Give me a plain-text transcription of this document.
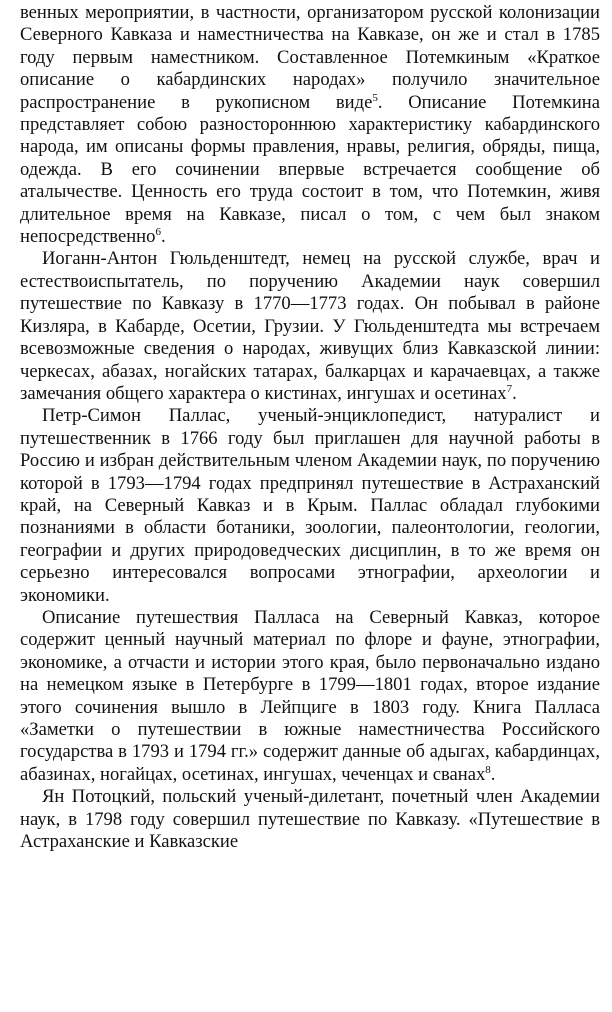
венных мероприятии, в частности, организатором русской колонизации Северного Кавказа и наместничества на Кавказе, он же и стал в 1785 году первым наместником. Составленное Потемкиным «Краткое описание о кабардинских народах» получило значительное распространение в рукописном виде$^5$. Описание Потемкина представляет собою разностороннюю характеристику кабардинского народа, им описаны формы правления, нравы, религия, обряды, пища, одежда. В его сочинении впервые встречается сообщение об аталычестве. Ценность его труда состоит в том, что Потемкин, живя длительное время на Кавказе, писал о том, с чем был знаком непосредственно$^6$.

Иоганн-Антон Гюльденштедт, немец на русской службе, врач и естествоиспытатель, по поручению Академии наук совершил путешествие по Кавказу в 1770—1773 годах. Он побывал в районе Кизляра, в Кабарде, Осетии, Грузии. У Гюльденштедта мы встречаем всевозможные сведения о народах, живущих близ Кавказской линии: черкесах, абазах, ногайских татарах, балкарцах и карачаевцах, а также замечания общего характера о кистинах, ингушах и осетинах$^7$.

Петр-Симон Паллас, ученый-энциклопедист, натуралист и путешественник в 1766 году был приглашен для научной работы в Россию и избран действительным членом Академии наук, по поручению которой в 1793—1794 годах предпринял путешествие в Астраханский край, на Северный Кавказ и в Крым. Паллас обладал глубокими познаниями в области ботаники, зоологии, палеонтологии, геологии, географии и других природоведческих дисциплин, в то же время он серьезно интересовался вопросами этнографии, археологии и экономики.

Описание путешествия Палласа на Северный Кавказ, которое содержит ценный научный материал по флоре и фауне, этнографии, экономике, а отчасти и истории этого края, было первоначально издано на немецком языке в Петербурге в 1799—1801 годах, второе издание этого сочинения вышло в Лейпциге в 1803 году. Книга Палласа «Заметки о путешествии в южные наместничества Российского государства в 1793 и 1794 гг.» содержит данные об адыгах, кабардинцах, абазинах, ногайцах, осетинах, ингушах, чеченцах и сванах$^8$.

Ян Потоцкий, польский ученый-дилетант, почетный член Академии наук, в 1798 году совершил путешествие по Кавказу. «Путешествие в Астраханские и Кавказские
